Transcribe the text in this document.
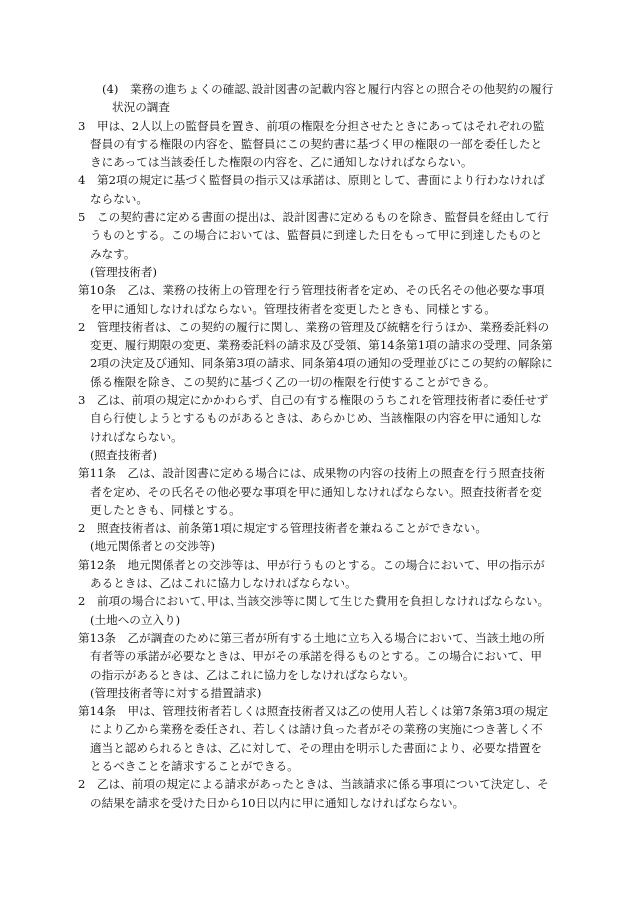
(4)　業務の進ちょくの確認､設計図書の記載内容と履行内容との照合その他契約の履行
状況の調査
3　甲は、2人以上の監督員を置き、前項の権限を分担させたときにあってはそれぞれの監
督員の有する権限の内容を、監督員にこの契約書に基づく甲の権限の一部を委任したと
きにあっては当該委任した権限の内容を、乙に通知しなければならない。
4　第2項の規定に基づく監督員の指示又は承諾は、原則として、書面により行わなければ
ならない。
5　この契約書に定める書面の提出は、設計図書に定めるものを除き、監督員を経由して行
うものとする。この場合においては、監督員に到達した日をもって甲に到達したものと
みなす。
(管理技術者)
第10条　乙は、業務の技術上の管理を行う管理技術者を定め、その氏名その他必要な事項
を甲に通知しなければならない。管理技術者を変更したときも、同様とする。
2　管理技術者は、この契約の履行に関し、業務の管理及び統轄を行うほか、業務委託料の
変更、履行期限の変更、業務委託料の請求及び受領、第14条第1項の請求の受理、同条第
2項の決定及び通知、同条第3項の請求、同条第4項の通知の受理並びにこの契約の解除に
係る権限を除き、この契約に基づく乙の一切の権限を行使することができる。
3　乙は、前項の規定にかかわらず、自己の有する権限のうちこれを管理技術者に委任せず
自ら行使しようとするものがあるときは、あらかじめ、当該権限の内容を甲に通知しな
ければならない。
(照査技術者)
第11条　乙は、設計図書に定める場合には、成果物の内容の技術上の照査を行う照査技術
者を定め、その氏名その他必要な事項を甲に通知しなければならない。照査技術者を変
更したときも、同様とする。
2　照査技術者は、前条第1項に規定する管理技術者を兼ねることができない。
(地元関係者との交渉等)
第12条　地元関係者との交渉等は、甲が行うものとする。この場合において、甲の指示が
あるときは、乙はこれに協力しなければならない。
2　前項の場合において､甲は､当該交渉等に関して生じた費用を負担しなければならない｡
(土地への立入り)
第13条　乙が調査のために第三者が所有する土地に立ち入る場合において、当該土地の所
有者等の承諾が必要なときは、甲がその承諾を得るものとする。この場合において、甲
の指示があるときは、乙はこれに協力をしなければならない。
(管理技術者等に対する措置請求)
第14条　甲は、管理技術者若しくは照査技術者又は乙の使用人若しくは第7条第3項の規定
により乙から業務を委任され、若しくは請け負った者がその業務の実施につき著しく不
適当と認められるときは、乙に対して、その理由を明示した書面により、必要な措置を
とるべきことを請求することができる。
2　乙は、前項の規定による請求があったときは、当該請求に係る事項について決定し、そ
の結果を請求を受けた日から10日以内に甲に通知しなければならない。
